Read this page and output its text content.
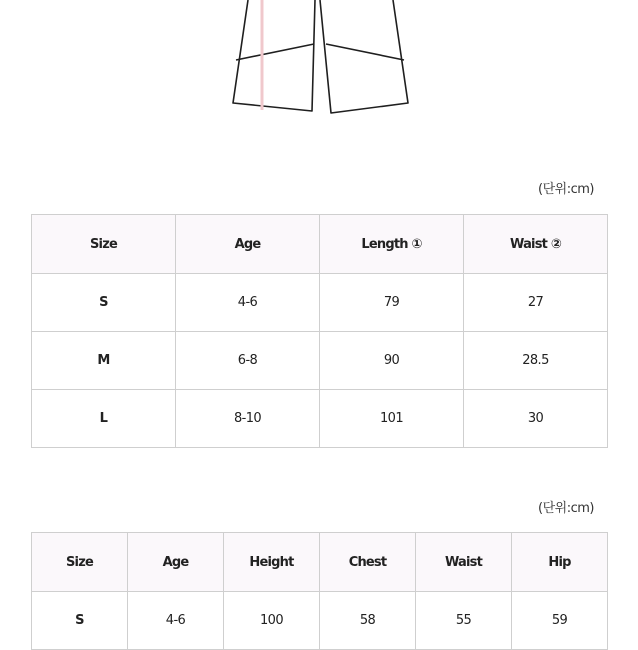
(단위:cm)
Size	Age	Length ①	Waist ②
S	4-6	79	27
M	6-8	90	28.5
L	8-10	101	30
(단위:cm)
Size	Age	Height	Chest	Waist	Hip
S	4-6	100	58	55	59
